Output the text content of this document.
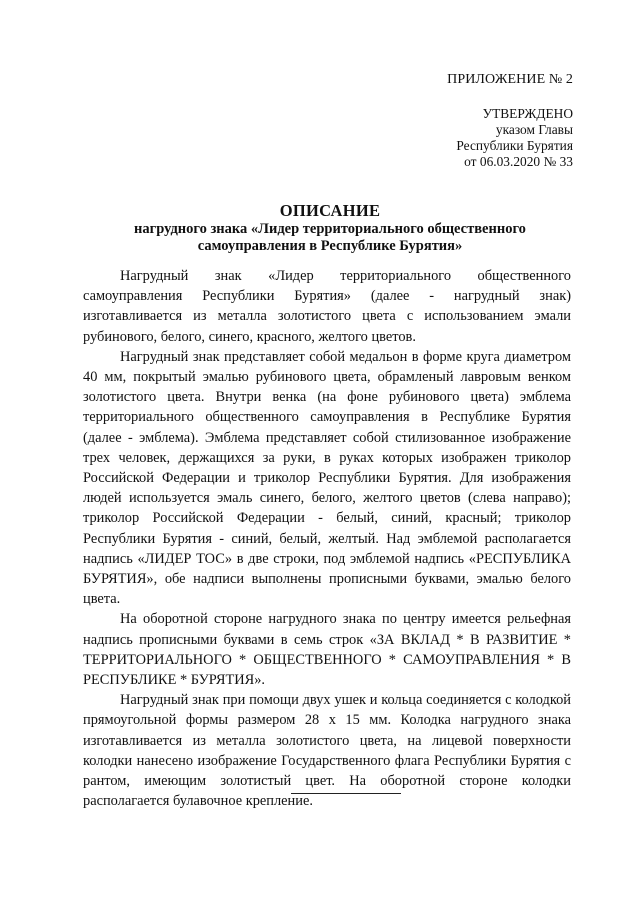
ПРИЛОЖЕНИЕ № 2
УТВЕРЖДЕНО
указом Главы
Республики Бурятия
от 06.03.2020 № 33
ОПИСАНИЕ
нагрудного знака «Лидер территориального общественного
самоуправления в Республике Бурятия»

Нагрудный знак «Лидер территориального общественного самоуправления Республики Бурятия» (далее - нагрудный знак) изготавливается из металла золотистого цвета с использованием эмали рубинового, белого, синего, красного, желтого цветов.

Нагрудный знак представляет собой медальон в форме круга диаметром 40 мм, покрытый эмалью рубинового цвета, обрамленый лавровым венком золотистого цвета. Внутри венка (на фоне рубинового цвета) эмблема территориального общественного самоуправления в Республике Бурятия (далее - эмблема). Эмблема представляет собой стилизованное изображение трех человек, держащихся за руки, в руках которых изображен триколор Российской Федерации и триколор Республики Бурятия. Для изображения людей используется эмаль синего, белого, желтого цветов (слева направо); триколор Российской Федерации - белый, синий, красный; триколор Республики Бурятия - синий, белый, желтый. Над эмблемой располагается надпись «ЛИДЕР ТОС» в две строки, под эмблемой надпись «РЕСПУБЛИКА БУРЯТИЯ», обе надписи выполнены прописными буквами, эмалью белого цвета.

На оборотной стороне нагрудного знака по центру имеется рельефная надпись прописными буквами в семь строк «ЗА ВКЛАД * В РАЗВИТИЕ * ТЕРРИТОРИАЛЬНОГО * ОБЩЕСТВЕННОГО * САМОУПРАВЛЕНИЯ * В РЕСПУБЛИКЕ * БУРЯТИЯ».

Нагрудный знак при помощи двух ушек и кольца соединяется с колодкой прямоугольной формы размером 28 х 15 мм. Колодка нагрудного знака изготавливается из металла золотистого цвета, на лицевой поверхности колодки нанесено изображение Государственного флага Республики Бурятия с рантом, имеющим золотистый цвет. На оборотной стороне колодки располагается булавочное крепление.
